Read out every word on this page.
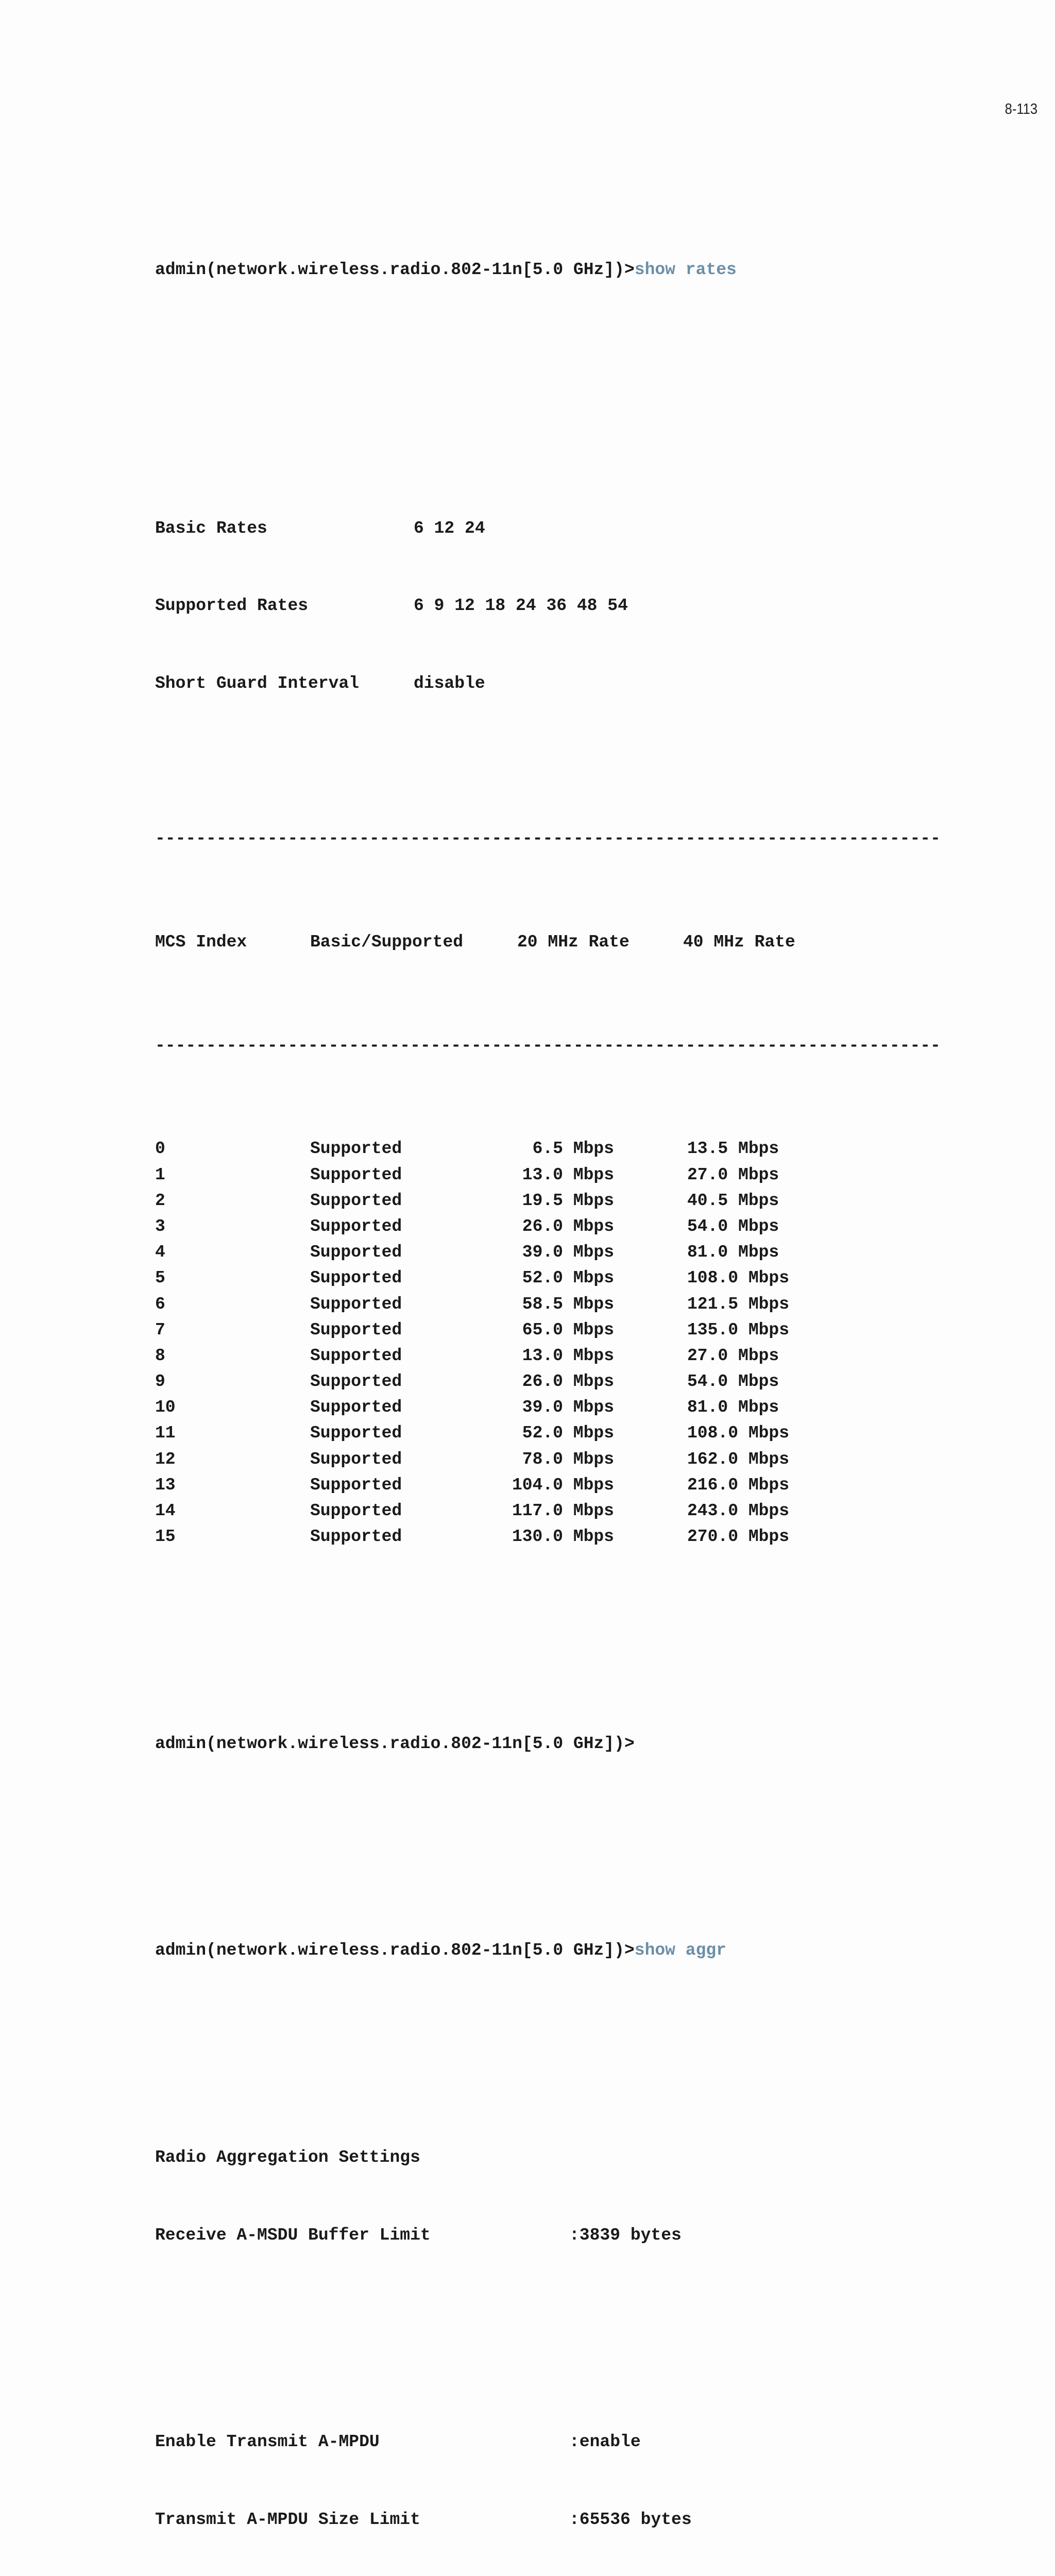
8-113

admin(network.wireless.radio.802-11n[5.0 GHz])>show rates

Basic Rates	6 12 24

Supported Rates	6 9 12 18 24 36 48 54

Short Guard Interval	disable

-----------------------------------------------------------------------------

MCS Index	Basic/Supported	20 MHz Rate	40 MHz Rate

-----------------------------------------------------------------------------

0	Supported	6.5 Mbps	13.5 Mbps
1	Supported	13.0 Mbps	27.0 Mbps
2	Supported	19.5 Mbps	40.5 Mbps
3	Supported	26.0 Mbps	54.0 Mbps
4	Supported	39.0 Mbps	81.0 Mbps
5	Supported	52.0 Mbps	108.0 Mbps
6	Supported	58.5 Mbps	121.5 Mbps
7	Supported	65.0 Mbps	135.0 Mbps
8	Supported	13.0 Mbps	27.0 Mbps
9	Supported	26.0 Mbps	54.0 Mbps
10	Supported	39.0 Mbps	81.0 Mbps
11	Supported	52.0 Mbps	108.0 Mbps
12	Supported	78.0 Mbps	162.0 Mbps
13	Supported	104.0 Mbps	216.0 Mbps
14	Supported	117.0 Mbps	243.0 Mbps
15	Supported	130.0 Mbps	270.0 Mbps

admin(network.wireless.radio.802-11n[5.0 GHz])>

admin(network.wireless.radio.802-11n[5.0 GHz])>show aggr

Radio Aggregation Settings

Receive A-MSDU Buffer Limit	:3839 bytes

Enable Transmit A-MPDU	:enable

Transmit A-MPDU Size Limit	:65536 bytes
